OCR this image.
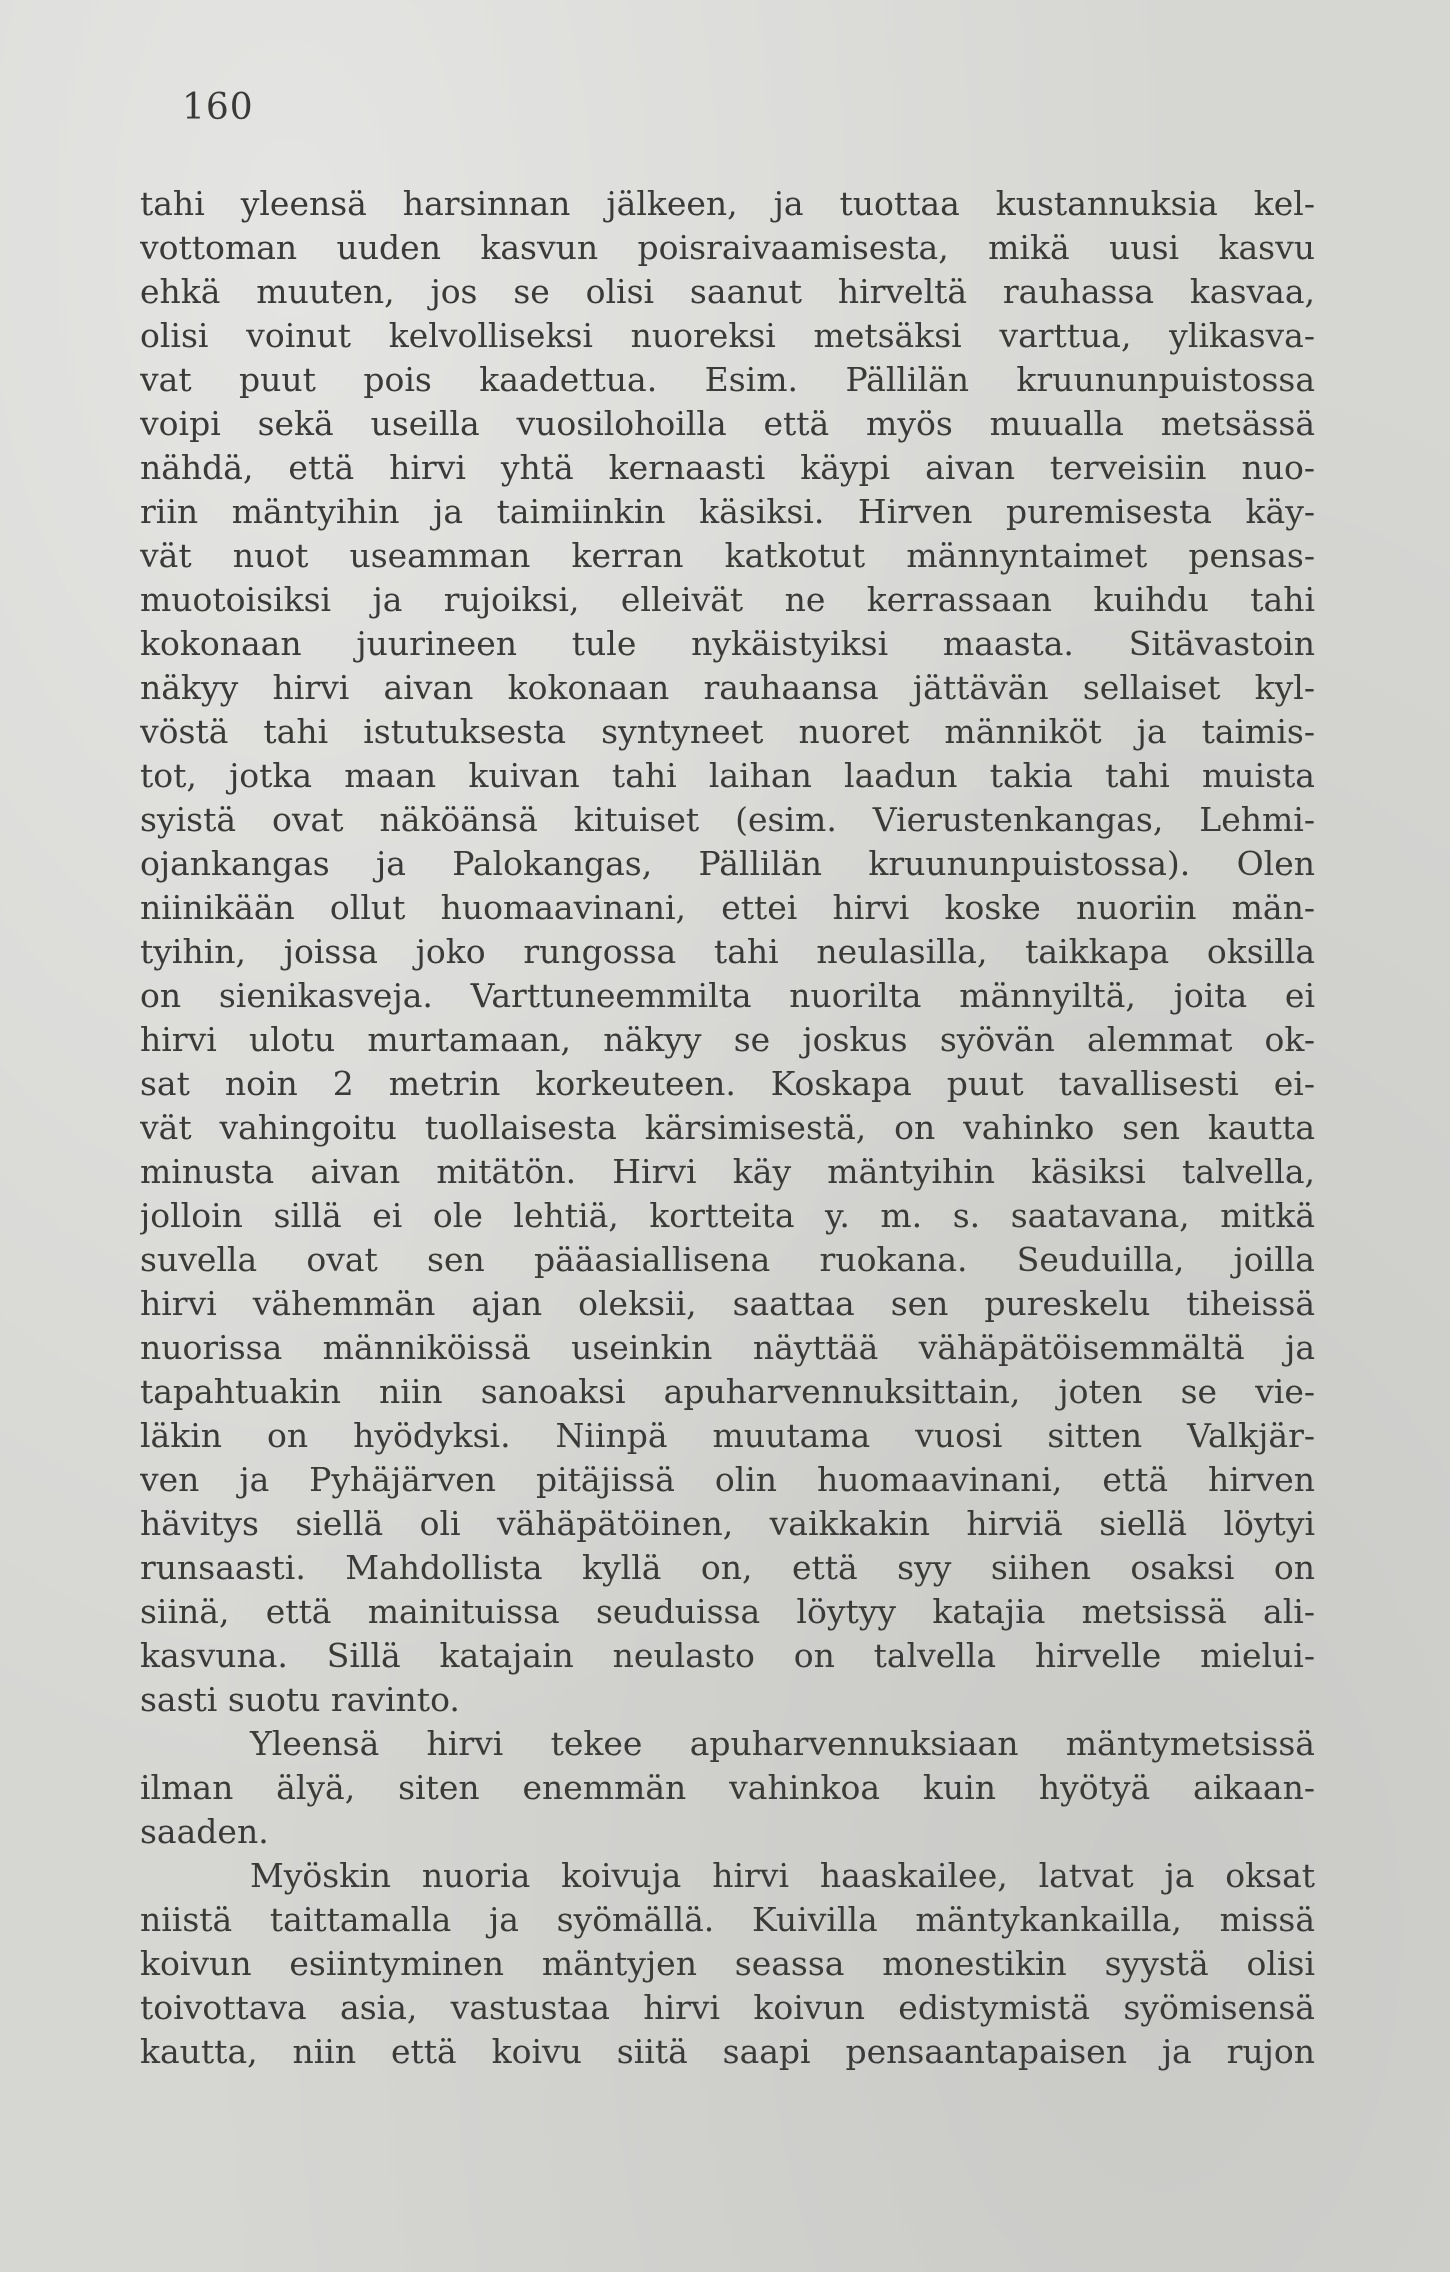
160
tahi yleensä harsinnan jälkeen, ja tuottaa kustannuksia kel-
vottoman uuden kasvun poisraivaamisesta, mikä uusi kasvu
ehkä muuten, jos se olisi saanut hirveltä rauhassa kasvaa,
olisi voinut kelvolliseksi nuoreksi metsäksi varttua, ylikasva-
vat puut pois kaadettua. Esim. Pällilän kruununpuistossa
voipi sekä useilla vuosilohoilla että myös muualla metsässä
nähdä, että hirvi yhtä kernaasti käypi aivan terveisiin nuo-
riin mäntyihin ja taimiinkin käsiksi. Hirven puremisesta käy-
vät nuot useamman kerran katkotut männyntaimet pensas-
muotoisiksi ja rujoiksi, elleivät ne kerrassaan kuihdu tahi
kokonaan juurineen tule nykäistyiksi maasta. Sitävastoin
näkyy hirvi aivan kokonaan rauhaansa jättävän sellaiset kyl-
vöstä tahi istutuksesta syntyneet nuoret männiköt ja taimis-
tot, jotka maan kuivan tahi laihan laadun takia tahi muista
syistä ovat näköänsä kituiset (esim. Vierustenkangas, Lehmi-
ojankangas ja Palokangas, Pällilän kruununpuistossa). Olen
niinikään ollut huomaavinani, ettei hirvi koske nuoriin män-
tyihin, joissa joko rungossa tahi neulasilla, taikkapa oksilla
on sienikasveja. Varttuneemmilta nuorilta männyiltä, joita ei
hirvi ulotu murtamaan, näkyy se joskus syövän alemmat ok-
sat noin 2 metrin korkeuteen. Koskapa puut tavallisesti ei-
vät vahingoitu tuollaisesta kärsimisestä, on vahinko sen kautta
minusta aivan mitätön. Hirvi käy mäntyihin käsiksi talvella,
jolloin sillä ei ole lehtiä, kortteita y. m. s. saatavana, mitkä
suvella ovat sen pääasiallisena ruokana. Seuduilla, joilla
hirvi vähemmän ajan oleksii, saattaa sen pureskelu tiheissä
nuorissa männiköissä useinkin näyttää vähäpätöisemmältä ja
tapahtuakin niin sanoaksi apuharvennuksittain, joten se vie-
läkin on hyödyksi. Niinpä muutama vuosi sitten Valkjär-
ven ja Pyhäjärven pitäjissä olin huomaavinani, että hirven
hävitys siellä oli vähäpätöinen, vaikkakin hirviä siellä löytyi
runsaasti. Mahdollista kyllä on, että syy siihen osaksi on
siinä, että mainituissa seuduissa löytyy katajia metsissä ali-
kasvuna. Sillä katajain neulasto on talvella hirvelle mielui-
sasti suotu ravinto.
Yleensä hirvi tekee apuharvennuksiaan mäntymetsissä
ilman älyä, siten enemmän vahinkoa kuin hyötyä aikaan-
saaden.
Myöskin nuoria koivuja hirvi haaskailee, latvat ja oksat
niistä taittamalla ja syömällä. Kuivilla mäntykankailla, missä
koivun esiintyminen mäntyjen seassa monestikin syystä olisi
toivottava asia, vastustaa hirvi koivun edistymistä syömisensä
kautta, niin että koivu siitä saapi pensaantapaisen ja rujon
